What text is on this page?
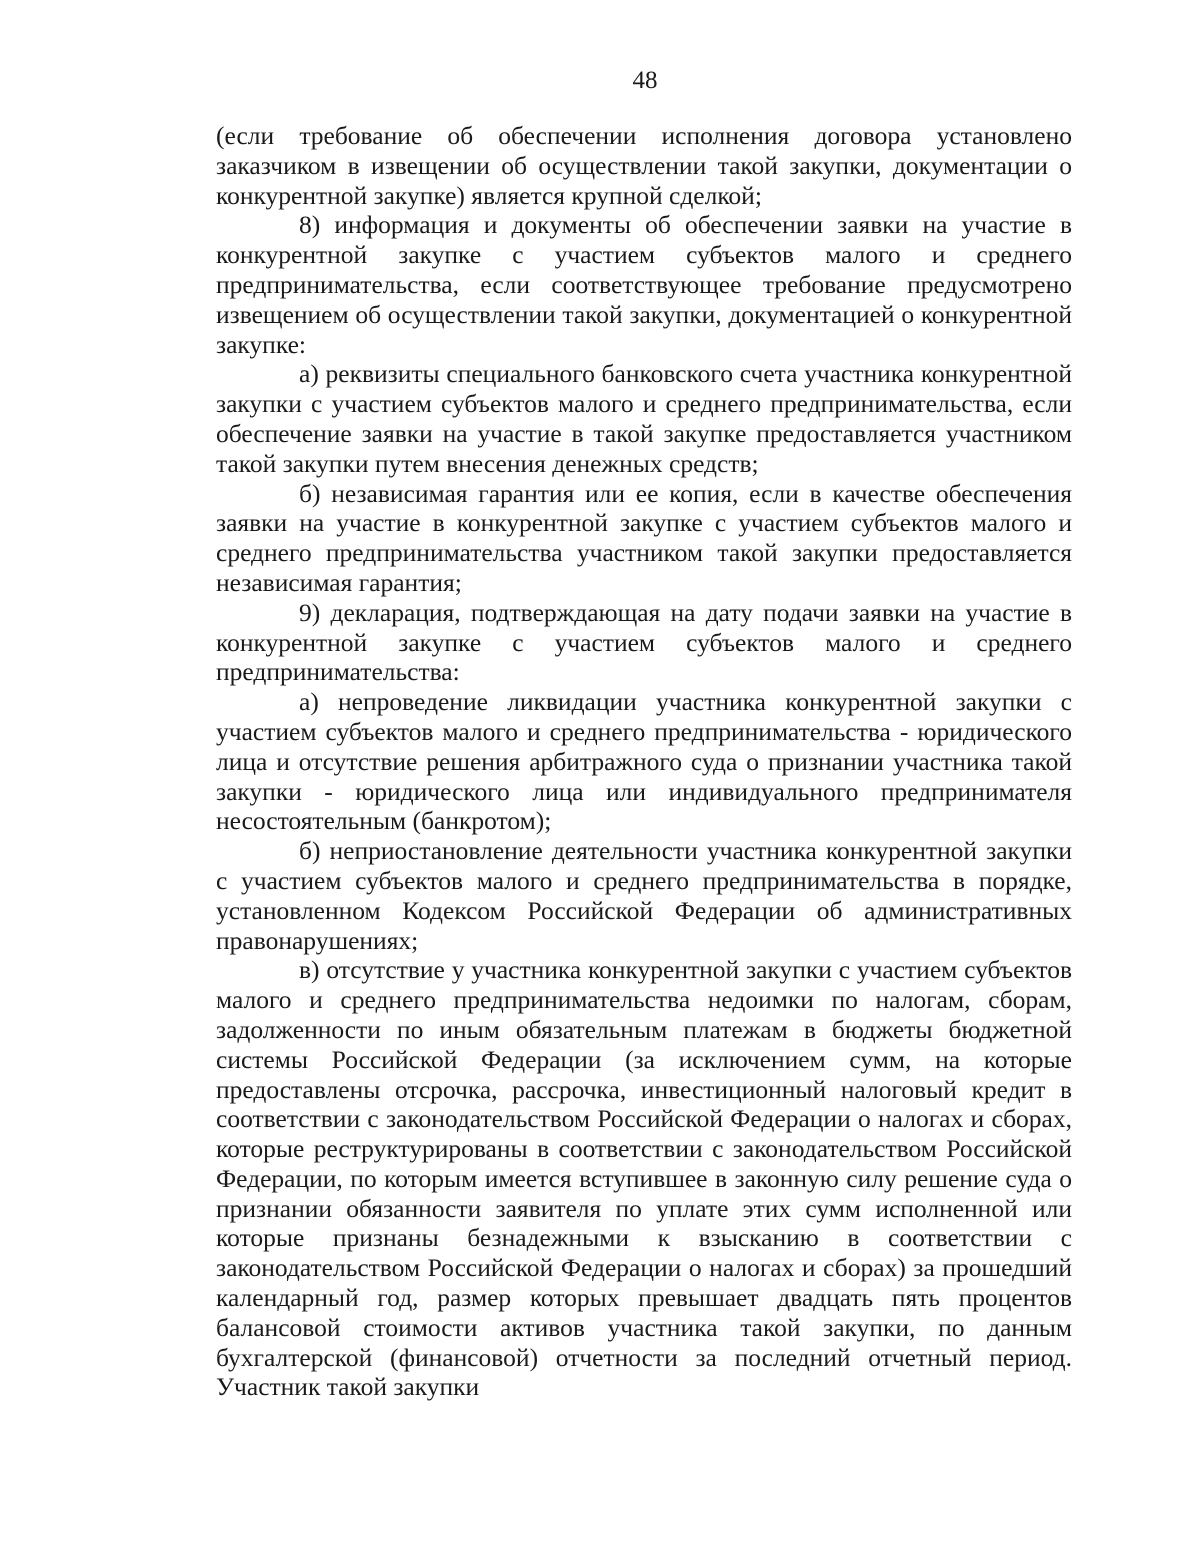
48

(если требование об обеспечении исполнения договора установлено заказчиком в извещении об осуществлении такой закупки, документации о конкурентной закупке) является крупной сделкой;

8) информация и документы об обеспечении заявки на участие в конкурентной закупке с участием субъектов малого и среднего предпринимательства, если соответствующее требование предусмотрено извещением об осуществлении такой закупки, документацией о конкурентной закупке:

а) реквизиты специального банковского счета участника конкурентной закупки с участием субъектов малого и среднего предпринимательства, если обеспечение заявки на участие в такой закупке предоставляется участником такой закупки путем внесения денежных средств;

б) независимая гарантия или ее копия, если в качестве обеспечения заявки на участие в конкурентной закупке с участием субъектов малого и среднего предпринимательства участником такой закупки предоставляется независимая гарантия;

9) декларация, подтверждающая на дату подачи заявки на участие в конкурентной закупке с участием субъектов малого и среднего предпринимательства:

а) непроведение ликвидации участника конкурентной закупки с участием субъектов малого и среднего предпринимательства - юридического лица и отсутствие решения арбитражного суда о признании участника такой закупки - юридического лица или индивидуального предпринимателя несостоятельным (банкротом);

б) неприостановление деятельности участника конкурентной закупки с участием субъектов малого и среднего предпринимательства в порядке, установленном Кодексом Российской Федерации об административных правонарушениях;

в) отсутствие у участника конкурентной закупки с участием субъектов малого и среднего предпринимательства недоимки по налогам, сборам, задолженности по иным обязательным платежам в бюджеты бюджетной системы Российской Федерации (за исключением сумм, на которые предоставлены отсрочка, рассрочка, инвестиционный налоговый кредит в соответствии с законодательством Российской Федерации о налогах и сборах, которые реструктурированы в соответствии с законодательством Российской Федерации, по которым имеется вступившее в законную силу решение суда о признании обязанности заявителя по уплате этих сумм исполненной или которые признаны безнадежными к взысканию в соответствии с законодательством Российской Федерации о налогах и сборах) за прошедший календарный год, размер которых превышает двадцать пять процентов балансовой стоимости активов участника такой закупки, по данным бухгалтерской (финансовой) отчетности за последний отчетный период. Участник такой закупки
